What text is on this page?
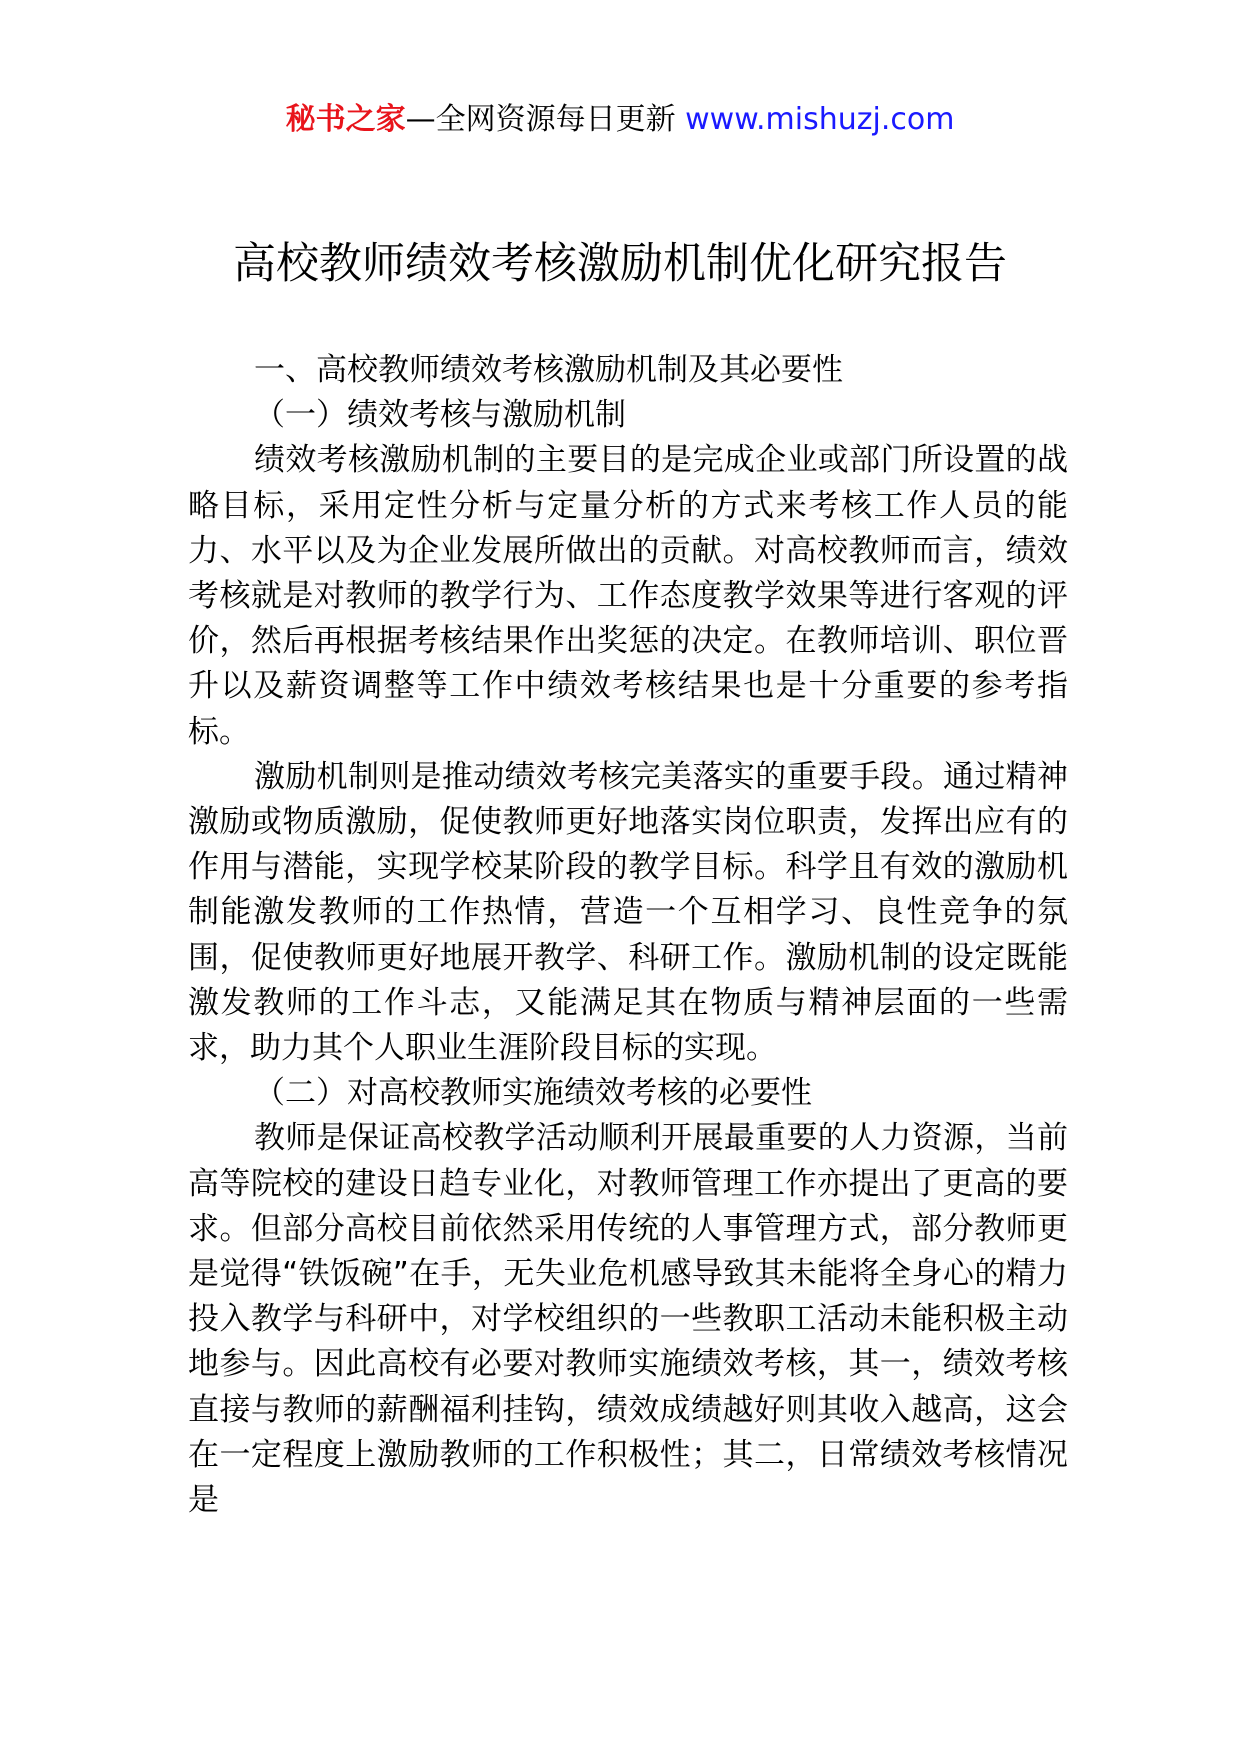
秘书之家—全网资源每日更新 www.mishuzj.com
高校教师绩效考核激励机制优化研究报告

一、高校教师绩效考核激励机制及其必要性

（一）绩效考核与激励机制

绩效考核激励机制的主要目的是完成企业或部门所设置的战略目标，采用定性分析与定量分析的方式来考核工作人员的能力、水平以及为企业发展所做出的贡献。对高校教师而言，绩效考核就是对教师的教学行为、工作态度教学效果等进行客观的评价，然后再根据考核结果作出奖惩的决定。在教师培训、职位晋升以及薪资调整等工作中绩效考核结果也是十分重要的参考指标。

激励机制则是推动绩效考核完美落实的重要手段。通过精神激励或物质激励，促使教师更好地落实岗位职责，发挥出应有的作用与潜能，实现学校某阶段的教学目标。科学且有效的激励机制能激发教师的工作热情，营造一个互相学习、良性竞争的氛围，促使教师更好地展开教学、科研工作。激励机制的设定既能激发教师的工作斗志，又能满足其在物质与精神层面的一些需求，助力其个人职业生涯阶段目标的实现。

（二）对高校教师实施绩效考核的必要性

教师是保证高校教学活动顺利开展最重要的人力资源，当前高等院校的建设日趋专业化，对教师管理工作亦提出了更高的要求。但部分高校目前依然采用传统的人事管理方式，部分教师更是觉得“铁饭碗”在手，无失业危机感导致其未能将全身心的精力投入教学与科研中，对学校组织的一些教职工活动未能积极主动地参与。因此高校有必要对教师实施绩效考核，其一，绩效考核直接与教师的薪酬福利挂钩，绩效成绩越好则其收入越高，这会在一定程度上激励教师的工作积极性；其二，日常绩效考核情况是
